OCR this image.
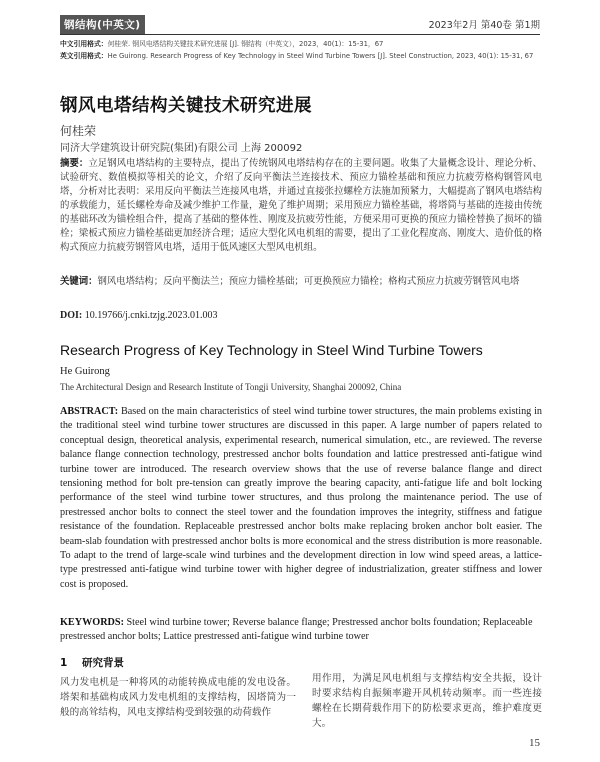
钢结构(中英文)	2023年2月 第40卷 第1期
中文引用格式：何桂荣. 钢风电塔结构关键技术研究进展 [J]. 钢结构（中英文），2023，40(1)：15-31，67
英文引用格式：He Guirong. Research Progress of Key Technology in Steel Wind Turbine Towers [J]. Steel Construction, 2023, 40(1): 15-31, 67
钢风电塔结构关键技术研究进展
何桂荣
同济大学建筑设计研究院(集团)有限公司 上海 200092
摘要：立足钢风电塔结构的主要特点，提出了传统钢风电塔结构存在的主要问题。收集了大量概念设计、理论分析、试验研究、数值模拟等相关的论文，介绍了反向平衡法兰连接技术、预应力锚栓基础和预应力抗疲劳格构钢管风电塔，分析对比表明：采用反向平衡法兰连接风电塔，并通过直接张拉螺栓方法施加预紧力，大幅提高了钢风电塔结构的承载能力，延长螺栓寿命及减少维护工作量，避免了维护周期；采用预应力锚栓基础，将塔筒与基础的连接由传统的基础环改为锚栓组合件，提高了基础的整体性、刚度及抗疲劳性能，方便采用可更换的预应力锚栓替换了损坏的锚栓；梁板式预应力锚栓基础更加经济合理；适应大型化风电机组的需要，提出了工业化程度高、刚度大、造价低的格构式预应力抗疲劳钢管风电塔，适用于低风速区大型风电机组。
关键词：钢风电塔结构；反向平衡法兰；预应力锚栓基础；可更换预应力锚栓；格构式预应力抗疲劳钢管风电塔
DOI: 10.19766/j.cnki.tzjg.2023.01.003
Research Progress of Key Technology in Steel Wind Turbine Towers
He Guirong
The Architectural Design and Research Institute of Tongji University, Shanghai 200092, China
ABSTRACT: Based on the main characteristics of steel wind turbine tower structures, the main problems existing in the traditional steel wind turbine tower structures are discussed in this paper. A large number of papers related to conceptual design, theoretical analysis, experimental research, numerical simulation, etc., are reviewed. The reverse balance flange connection technology, prestressed anchor bolts foundation and lattice prestressed anti-fatigue wind turbine tower are introduced. The research overview shows that the use of reverse balance flange and direct tensioning method for bolt pre-tension can greatly improve the bearing capacity, anti-fatigue life and bolt locking performance of the steel wind turbine tower structures, and thus prolong the maintenance period. The use of prestressed anchor bolts to connect the steel tower and the foundation improves the integrity, stiffness and fatigue resistance of the foundation. Replaceable prestressed anchor bolts make replacing broken anchor bolt easier. The beam-slab foundation with prestressed anchor bolts is more economical and the stress distribution is more reasonable. To adapt to the trend of large-scale wind turbines and the development direction in low wind speed areas, a lattice-type prestressed anti-fatigue wind turbine tower with higher degree of industrialization, greater stiffness and lower cost is proposed.
KEYWORDS: Steel wind turbine tower; Reverse balance flange; Prestressed anchor bolts foundation; Replaceable prestressed anchor bolts; Lattice prestressed anti-fatigue wind turbine tower
1 研究背景
风力发电机是一种将风的动能转换成电能的发电设备。塔架和基础构成风力发电机组的支撑结构，因塔筒为一般的高耸结构，风电支撑结构受到较强的动荷载作
用作用，为满足风电机组与支撑结构安全共振，设计时要求结构自振频率避开风机转动频率。而一些连接螺栓在长期荷载作用下的防松要求更高，维护难度更大。
15
